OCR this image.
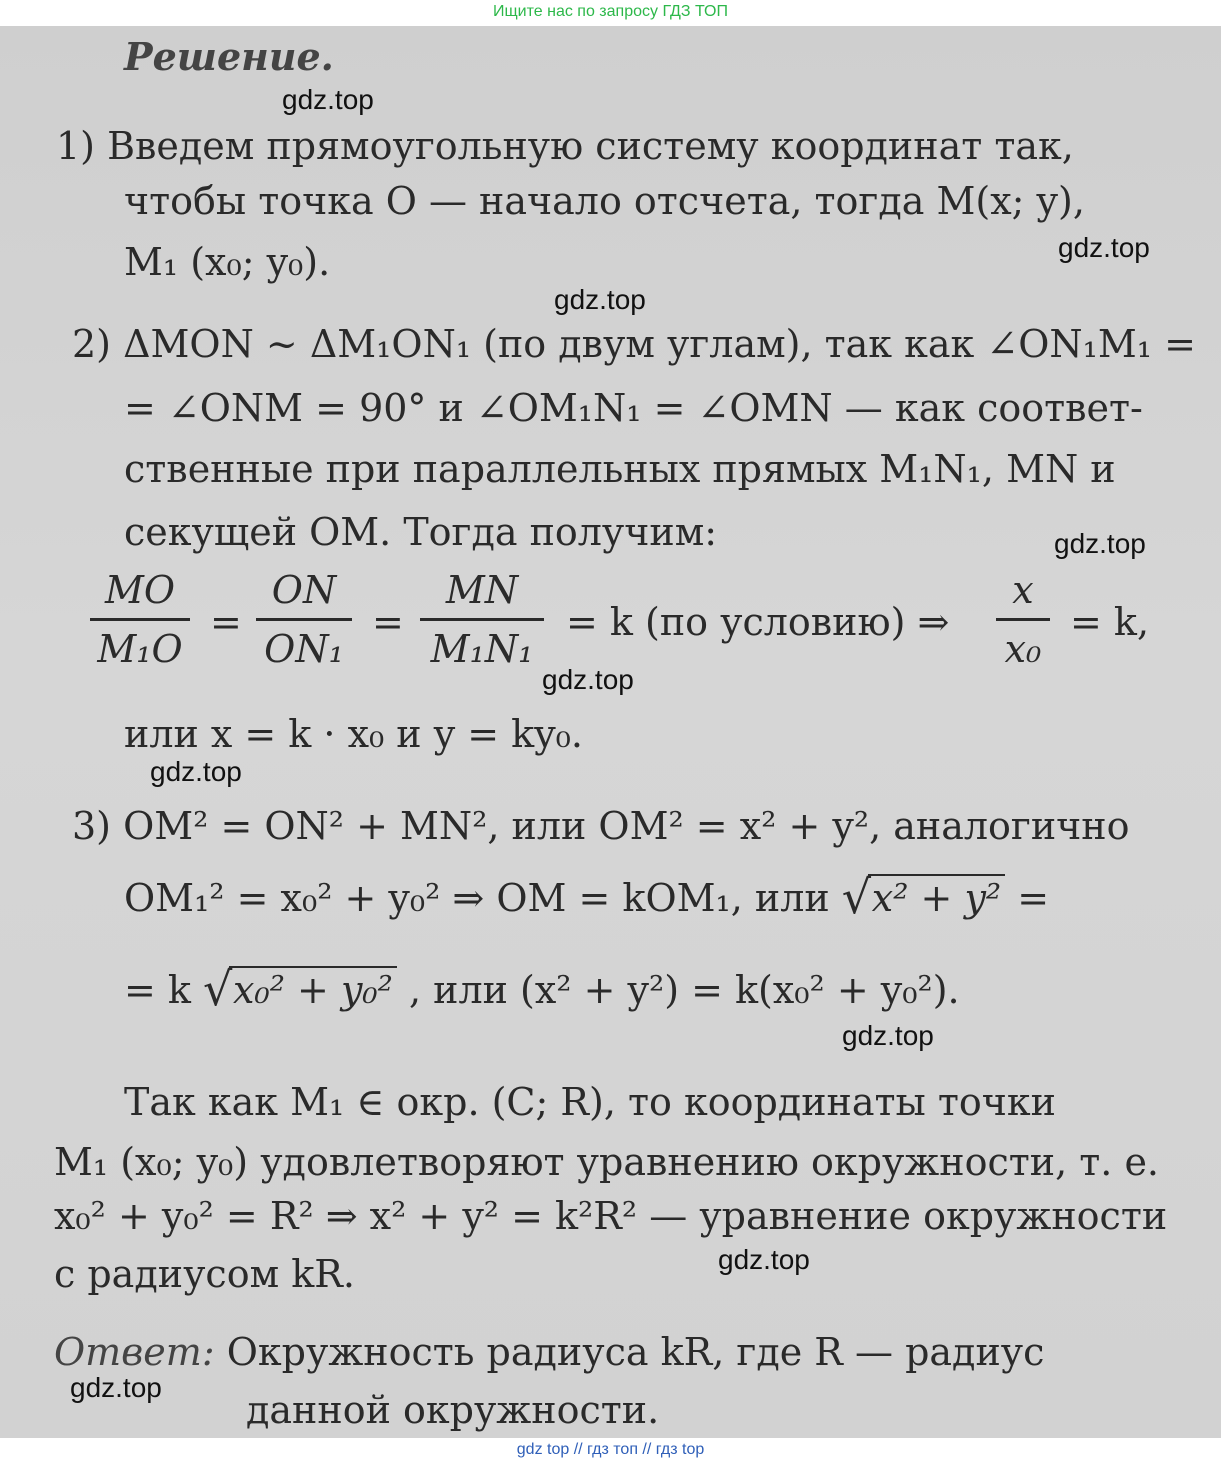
Ищите нас по запросу ГДЗ ТОП
Решение.
1) Введем прямоугольную систему координат так,
чтобы точка O — начало отсчета, тогда M(x; y),
M₁ (x₀; y₀).
2) ΔMON ~ ΔM₁ON₁ (по двум углам), так как ∠ON₁M₁ =
= ∠ONM = 90° и ∠OM₁N₁ = ∠OMN — как соответ-
ственные при параллельных прямых M₁N₁, MN и
секущей OM. Тогда получим:
$\frac{MO}{\text{M₁O}} = \frac{ON}{\text{ON₁}} = \frac{MN}{\text{M₁N₁}} = k$ (по условию) ⇒ $\frac{x}{\text{x₀}} = k$,
или x = k · x₀ и y = ky₀.
3) OM² = ON² + MN², или OM² = x² + y², аналогично
OM₁² = x₀² + y₀² ⇒ OM = kOM₁, или √ x² + y² =
= k √ x₀² + y₀² , или (x² + y²) = k(x₀² + y₀²).
Так как M₁ ∈ окр. (C; R), то координаты точки
M₁ (x₀; y₀) удовлетворяют уравнению окружности, т. е.
x₀² + y₀² = R² ⇒ x² + y² = k²R² — уравнение окружности
с радиусом kR.
Ответ: Окружность радиуса kR, где R — радиус
данной окружности.
gdz.top
gdz.top
gdz.top
gdz.top
gdz.top
gdz.top
gdz.top
gdz.top
gdz.top
gdz top // гдз топ // гдз top
